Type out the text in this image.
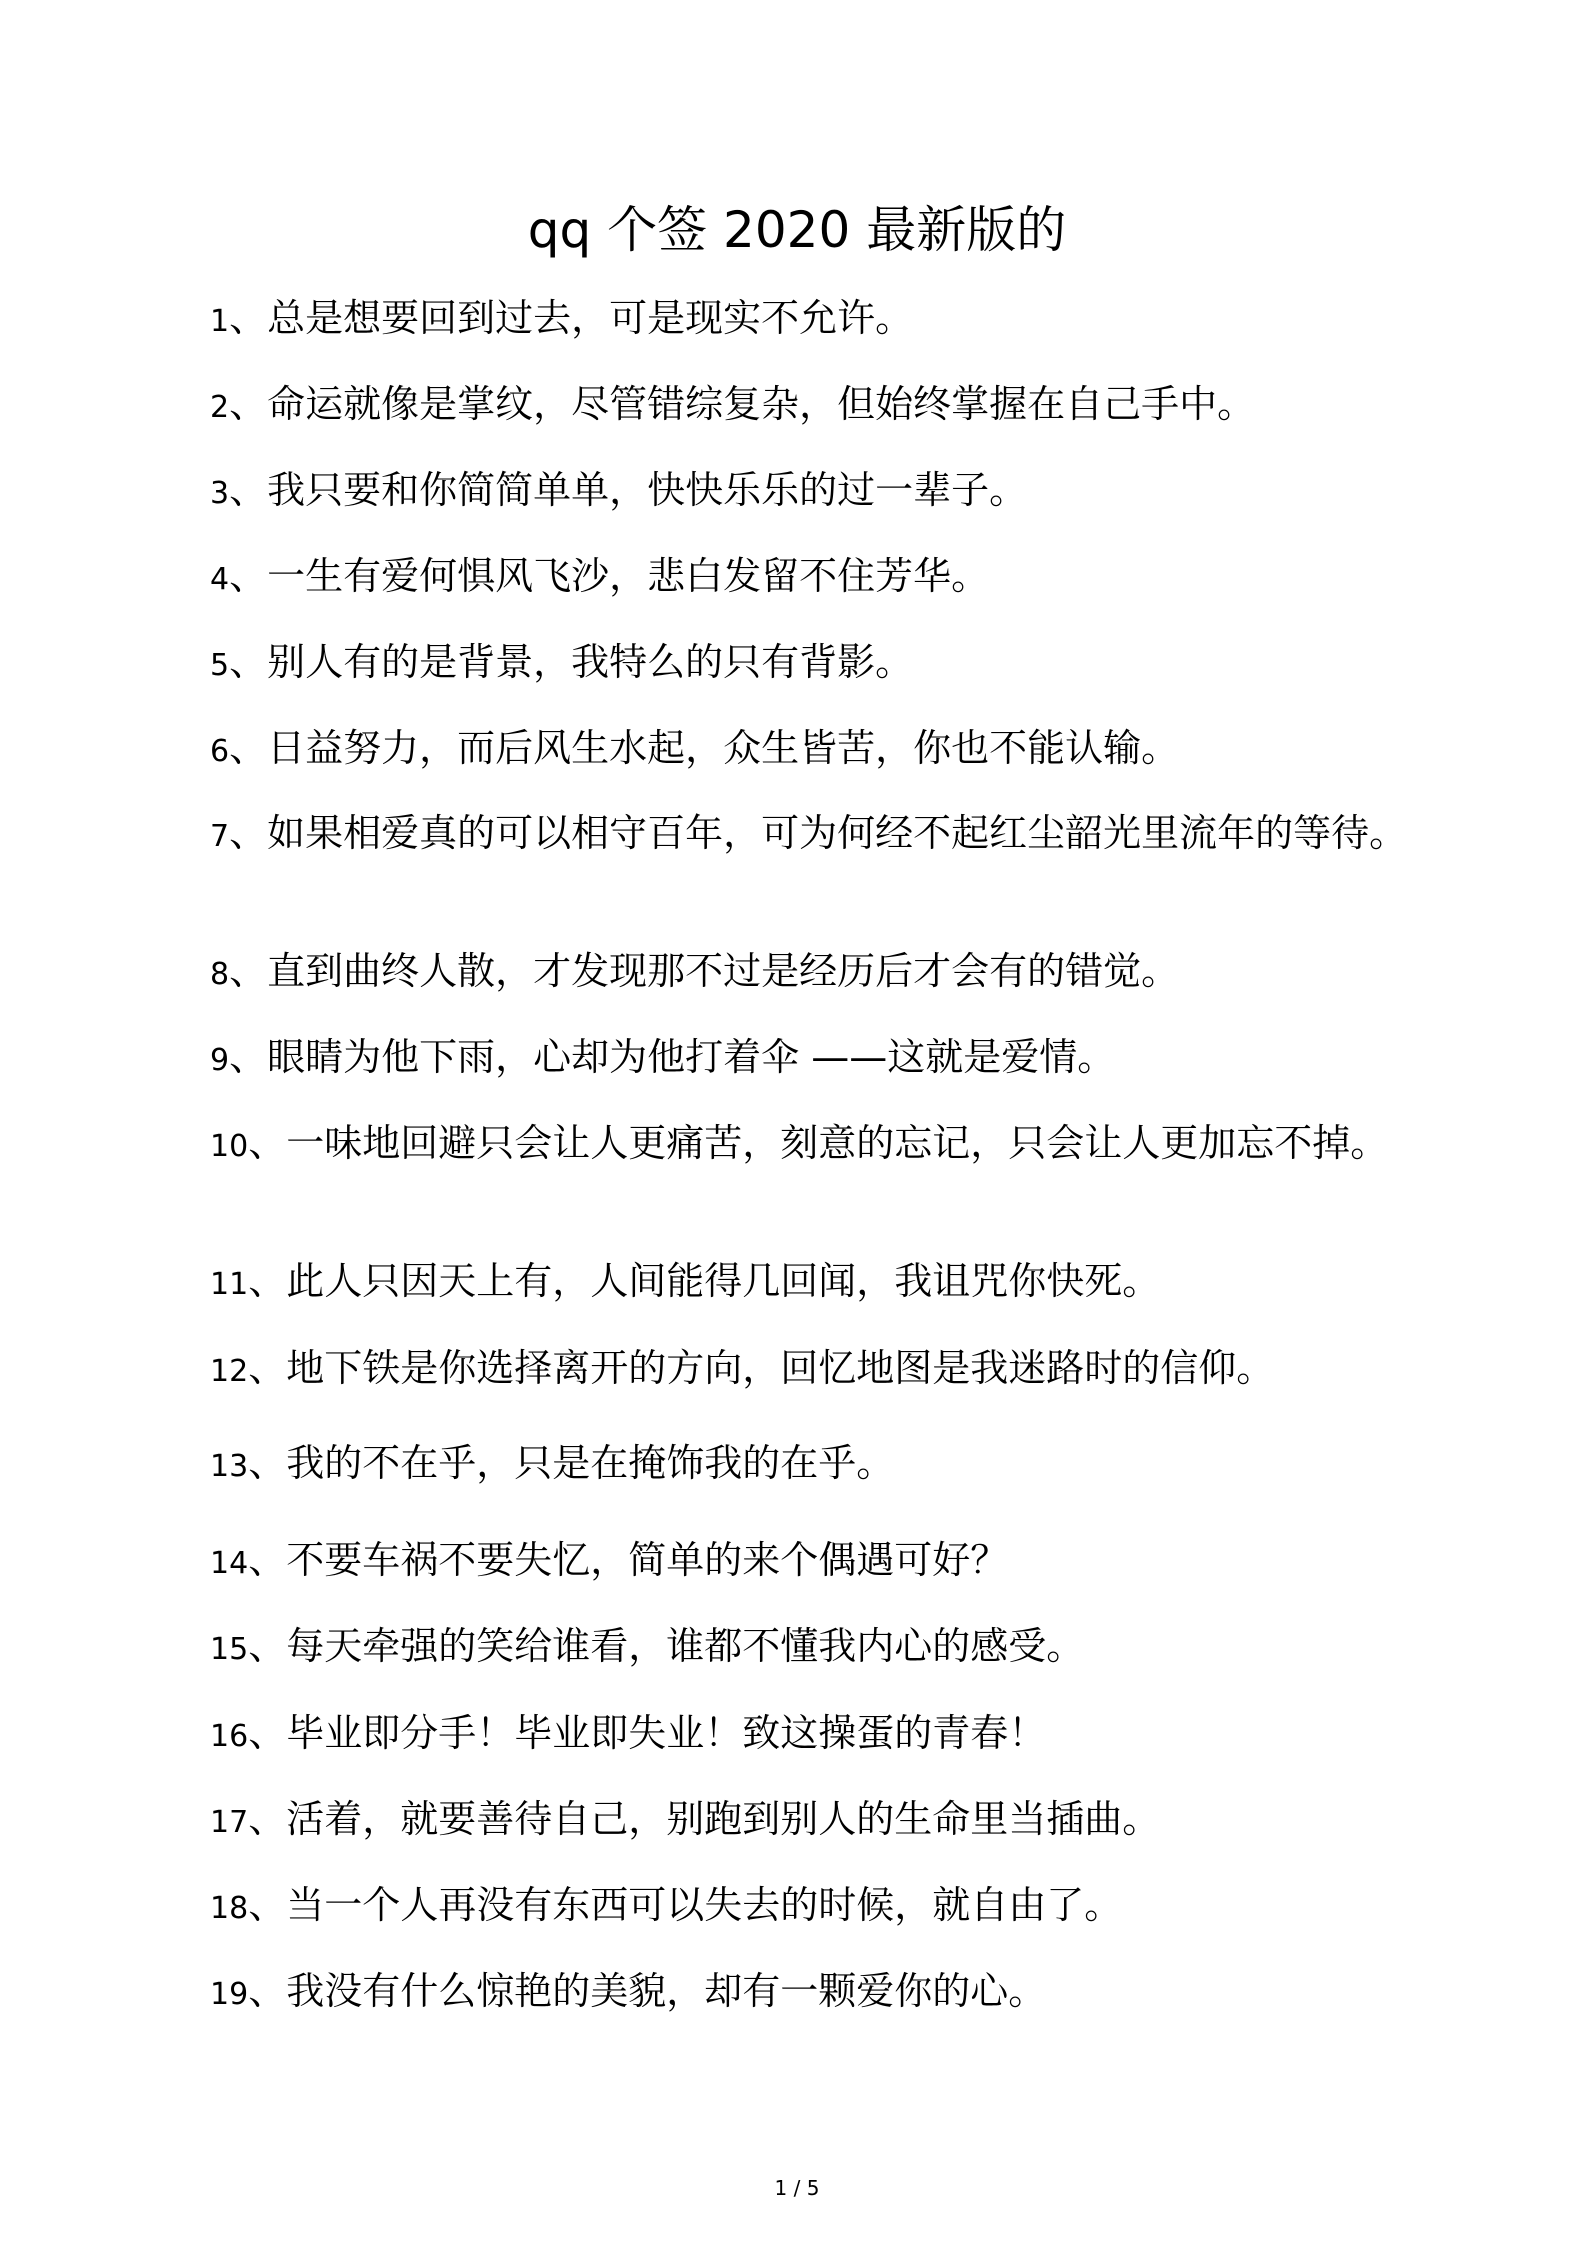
qq 个签 2020 最新版的
1、总是想要回到过去，可是现实不允许。
2、命运就像是掌纹，尽管错综复杂，但始终掌握在自己手中。
3、我只要和你简简单单，快快乐乐的过一辈子。
4、一生有爱何惧风飞沙，悲白发留不住芳华。
5、别人有的是背景，我特么的只有背影。
6、日益努力，而后风生水起，众生皆苦，你也不能认输。
7、如果相爱真的可以相守百年，可为何经不起红尘韶光里流年的等待。
8、直到曲终人散，才发现那不过是经历后才会有的错觉。
9、眼睛为他下雨，心却为他打着伞 ——这就是爱情。
10、一味地回避只会让人更痛苦，刻意的忘记，只会让人更加忘不掉。
11、此人只因天上有，人间能得几回闻，我诅咒你快死。
12、地下铁是你选择离开的方向，回忆地图是我迷路时的信仰。
13、我的不在乎，只是在掩饰我的在乎。
14、不要车祸不要失忆，简单的来个偶遇可好？
15、每天牵强的笑给谁看，谁都不懂我内心的感受。
16、毕业即分手！毕业即失业！致这操蛋的青春！
17、活着，就要善待自己，别跑到别人的生命里当插曲。
18、当一个人再没有东西可以失去的时候，就自由了。
19、我没有什么惊艳的美貌，却有一颗爱你的心。
1 / 5
